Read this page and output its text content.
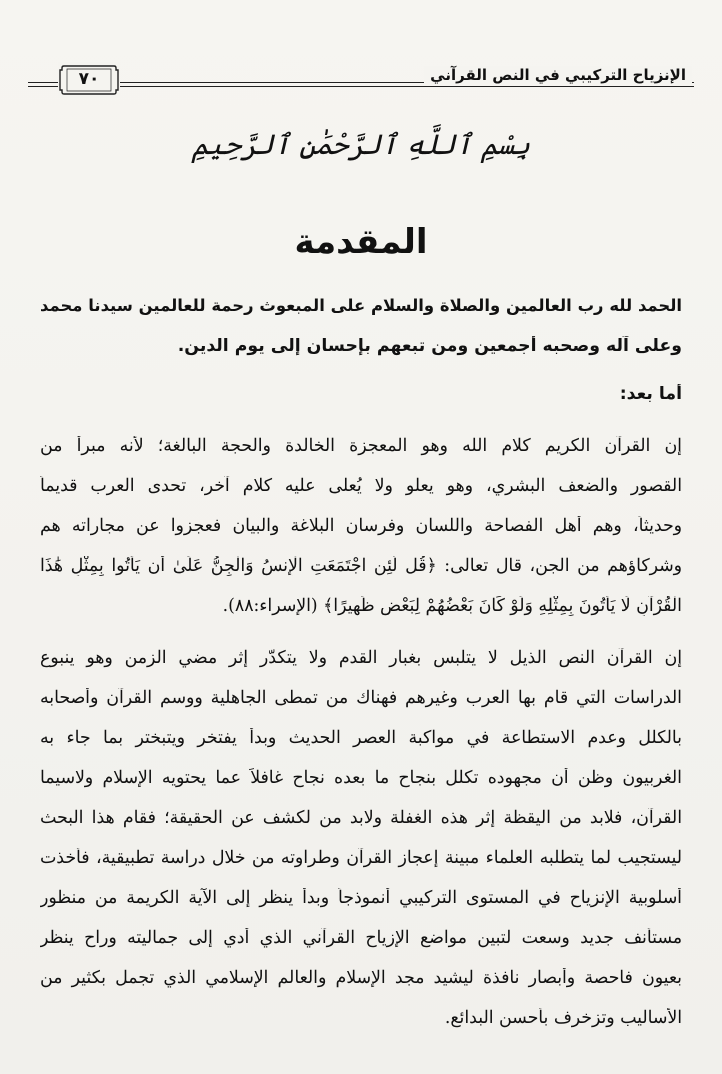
الإنزياح التركيبي في النص القرآني
٧٠
بِسْمِ ٱللَّهِ ٱلرَّحْمَٰنِ ٱلرَّحِيمِ
المقدمة
الحمد لله رب العالمين والصلاة والسلام على المبعوث رحمة للعالمين سيدنا محمد
وعلى آله وصحبه أجمعين ومن تبعهم بإحسان إلى يوم الدين.
أما بعد:
إن القرآن الكريم كلام الله وهو المعجزة الخالدة والحجة البالغة؛ لأنه مبرأ من
القصور والضعف البشري، وهو يعلو ولا يُعلى عليه كلام آخر، تحدى العرب قديماً
وحديثاً، وهم أهل الفصاحة واللسان وفرسان البلاغة والبيان فعجزوا عن مجاراته هم
وشركاؤهم من الجن، قال تعالى: ﴿قُل لَّئِنِ اجْتَمَعَتِ الْإِنسُ وَالْجِنُّ عَلَىٰ أَن يَأْتُوا بِمِثْلِ هَٰذَا
الْقُرْآنِ لَا يَأْتُونَ بِمِثْلِهِ وَلَوْ كَانَ بَعْضُهُمْ لِبَعْضٍ ظَهِيرًا﴾ (الإسراء:٨٨).
إن القرآن النص الذيل لا يتلبس بغبار القدم ولا يتكدّر إثر مضي الزمن وهو ينبوع
الدراسات التي قام بها العرب وغيرهم فهناك من تمطى الجاهلية ووسم القرآن وأصحابه
بالكلل وعدم الاستطاعة في مواكبة العصر الحديث وبدأ يفتخر ويتبختر بما جاء به
الغربيون وظن أن مجهوده تكلل بنجاح ما بعده نجاح غافلاً عما يحتويه الإسلام ولاسيما
القرآن، فلابد من اليقظة إثر هذه الغفلة ولابد من لكشف عن الحقيقة؛ فقام هذا البحث
ليستجيب لما يتطلبه العلماء مبينة إعجاز القرآن وطراوته من خلال دراسة تطبيقية، فأخذت
أسلوبية الإنزياح في المستوى التركيبي أنموذجاً وبدأ ينظر إلى الآية الكريمة من منظور
مستأنف جديد وسعت لتبين مواضع الإزياح القرآني الذي أدي إلى جماليته وراح ينظر
بعيون فاحصة وأبصار نافذة ليشيد مجد الإسلام والعالم الإسلامي الذي تجمل بكثير من
الأساليب وتزخرف بأحسن البدائع.
